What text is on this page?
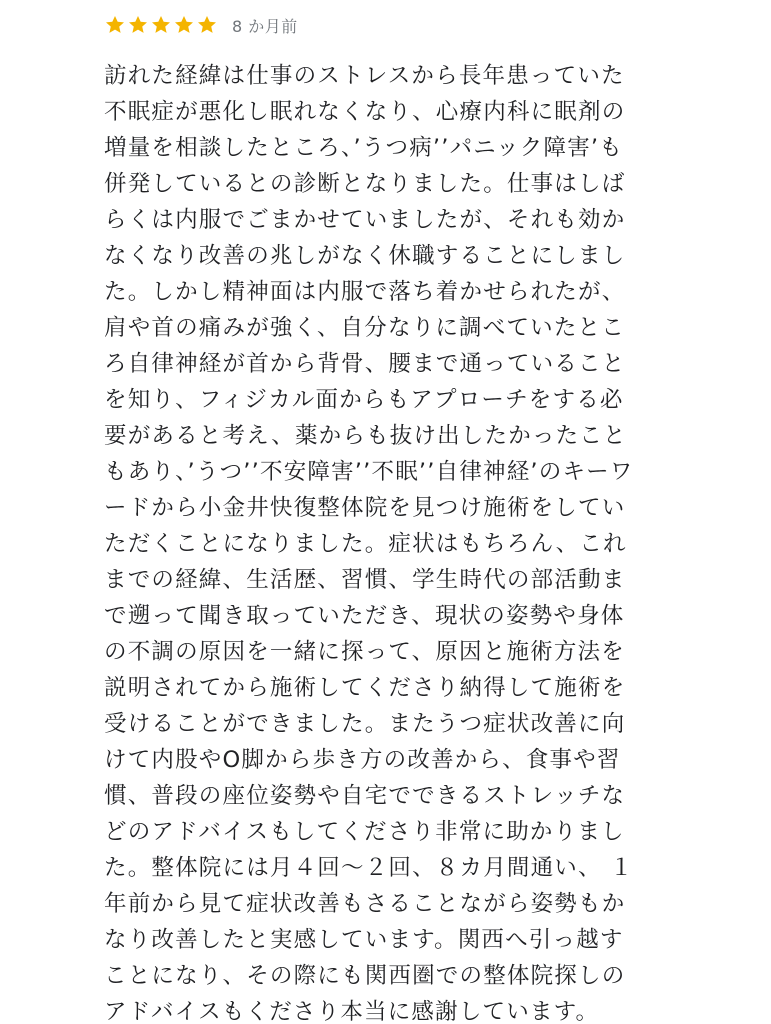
8 か月前
訪れた経緯は仕事のストレスから長年患っていた
不眠症が悪化し眠れなくなり、心療内科に眠剤の
増量を相談したところ、’うつ病’’パニック障害’も
併発しているとの診断となりました。仕事はしば
らくは内服でごまかせていましたが、それも効か
なくなり改善の兆しがなく休職することにしまし
た。しかし精神面は内服で落ち着かせられたが、
肩や首の痛みが強く、自分なりに調べていたとこ
ろ自律神経が首から背骨、腰まで通っていること
を知り、フィジカル面からもアプローチをする必
要があると考え、薬からも抜け出したかったこと
もあり、’うつ’’不安障害’’不眠’’自律神経’のキーワ
ードから小金井快復整体院を見つけ施術をしてい
ただくことになりました。症状はもちろん、これ
までの経緯、生活歴、習慣、学生時代の部活動ま
で遡って聞き取っていただき、現状の姿勢や身体
の不調の原因を一緒に探って、原因と施術方法を
説明されてから施術してくださり納得して施術を
受けることができました。またうつ症状改善に向
けて内股やO脚から歩き方の改善から、食事や習
慣、普段の座位姿勢や自宅でできるストレッチな
どのアドバイスもしてくださり非常に助かりまし
た。整体院には月４回〜２回、８カ月間通い、 １
年前から見て症状改善もさることながら姿勢もか
なり改善したと実感しています。関西へ引っ越す
ことになり、その際にも関西圏での整体院探しの
アドバイスもくださり本当に感謝しています。
